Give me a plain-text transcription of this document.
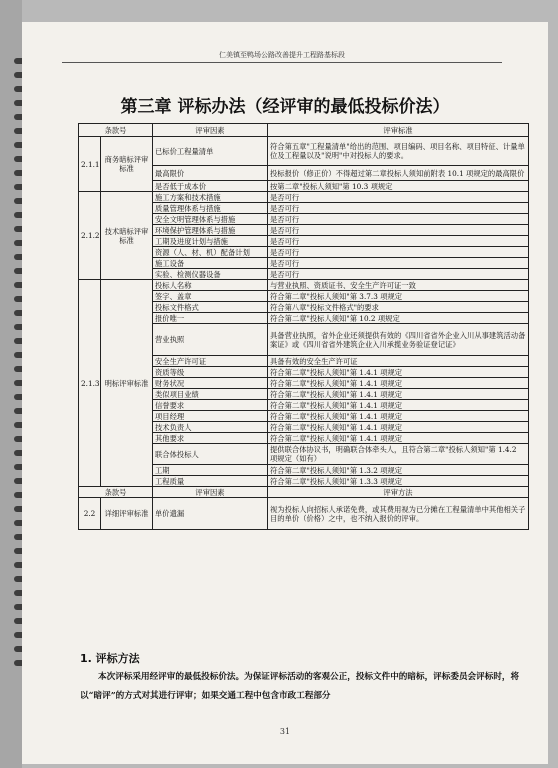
仁美镇至鸭场公路改善提升工程路基标段
第三章 评标办法（经评审的最低投标价法）
条款号		评审因素	评审标准
2.1.1	商务暗标评审标准	已标价工程量清单	符合第五章"工程量清单"给出的范围、项目编码、项目名称、项目特征、计量单位及工程量以及"说明"中对投标人的要求。
		最高限价	投标报价（修正价）不得超过第二章投标人须知前附表 10.1 项规定的最高限价
		是否低于成本价	按第二章"投标人须知"第 10.3 项规定
2.1.2	技术暗标评审标准	施工方案和技术措施	是否可行
		质量管理体系与措施	是否可行
		安全文明管理体系与措施	是否可行
		环境保护管理体系与措施	是否可行
		工期及进度计划与措施	是否可行
		资源（人、材、机）配备计划	是否可行
		施工设备	是否可行
		实验、检测仪器设备	是否可行
2.1.3	明标评审标准	投标人名称	与营业执照、资质证书、安全生产许可证一致
		签字、盖章	符合第二章"投标人须知"第 3.7.3 项规定
		投标文件格式	符合第八章"投标文件格式"的要求
		报价唯一	符合第二章"投标人须知"第 10.2 项规定
		营业执照	具备营业执照，省外企业还须提供有效的《四川省省外企业入川从事建筑活动备案证》或《四川省省外建筑企业入川承揽业务验证登记证》
		安全生产许可证	具备有效的安全生产许可证
		资质等级	符合第二章"投标人须知"第 1.4.1 项规定
		财务状况	符合第二章"投标人须知"第 1.4.1 项规定
		类似项目业绩	符合第二章"投标人须知"第 1.4.1 项规定
		信誉要求	符合第二章"投标人须知"第 1.4.1 项规定
		项目经理	符合第二章"投标人须知"第 1.4.1 项规定
		技术负责人	符合第二章"投标人须知"第 1.4.1 项规定
		其他要求	符合第二章"投标人须知"第 1.4.1 项规定
		联合体投标人	提供联合体协议书，明确联合体牵头人，且符合第二章"投标人须知"第 1.4.2 项规定（如有）
		工期	符合第二章"投标人须知"第 1.3.2 项规定
		工程质量	符合第二章"投标人须知"第 1.3.3 项规定
条款号		评审因素	评审方法
2.2	详细评审标准	单价遗漏	视为投标人向招标人承诺免费，或其费用视为已分摊在工程量清单中其他相关子目的单价（价格）之中，也不纳入报价的评审。
1. 评标方法
本次评标采用经评审的最低投标价法。为保证评标活动的客观公正，投标文件中的暗标，评标委员会评标时，将以“暗评”的方式对其进行评审；如果交通工程中包含市政工程部分
31
